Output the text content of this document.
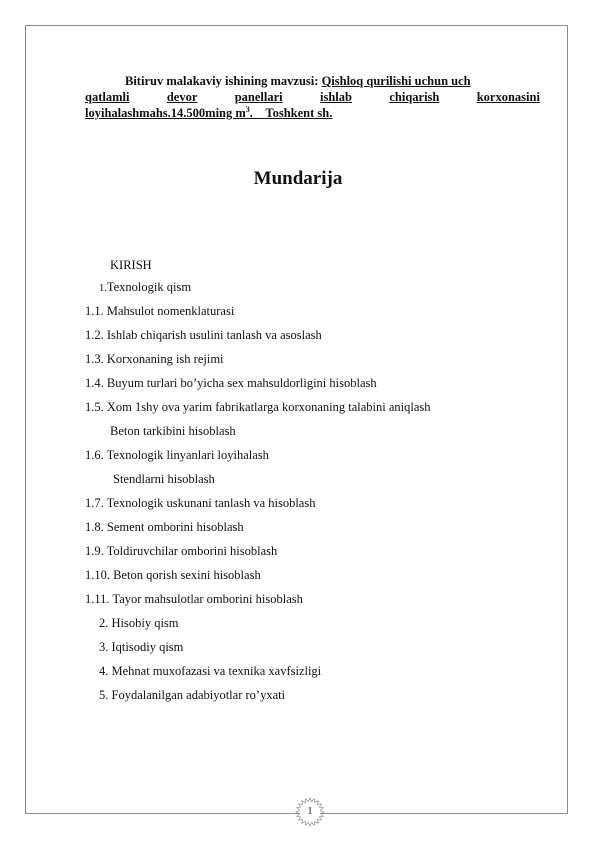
Bitiruv malakaviy ishining mavzusi: Qishloq qurilishi uchun uch
qatlamli	devor	panellari	ishlab	chiqarish	korxonasini
loyihalashmahs.14.500ming $m^3$. Toshkent sh.
Mundarija
KIRISH
1.Texnologik qism
1.1. Mahsulot nomenklaturasi
1.2. Ishlab chiqarish usulini tanlash va asoslash
1.3. Korxonaning ish rejimi
1.4. Buyum turlari bo’yicha sex mahsuldorligini hisoblash
1.5. Xom 1shy ova yarim fabrikatlarga korxonaning talabini aniqlash
Beton tarkibini hisoblash
1.6. Texnologik linyanlari loyihalash
Stendlarni hisoblash
1.7. Texnologik uskunani tanlash va hisoblash
1.8. Sement omborini hisoblash
1.9. Toldiruvchilar omborini hisoblash
1.10. Beton qorish sexini hisoblash
1.11. Tayor mahsulotlar omborini hisoblash
2. Hisobiy qism
3. Iqtisodiy qism
4. Mehnat muxofazasi va texnika xavfsizligi
5. Foydalanilgan adabiyotlar ro’yxati
1
